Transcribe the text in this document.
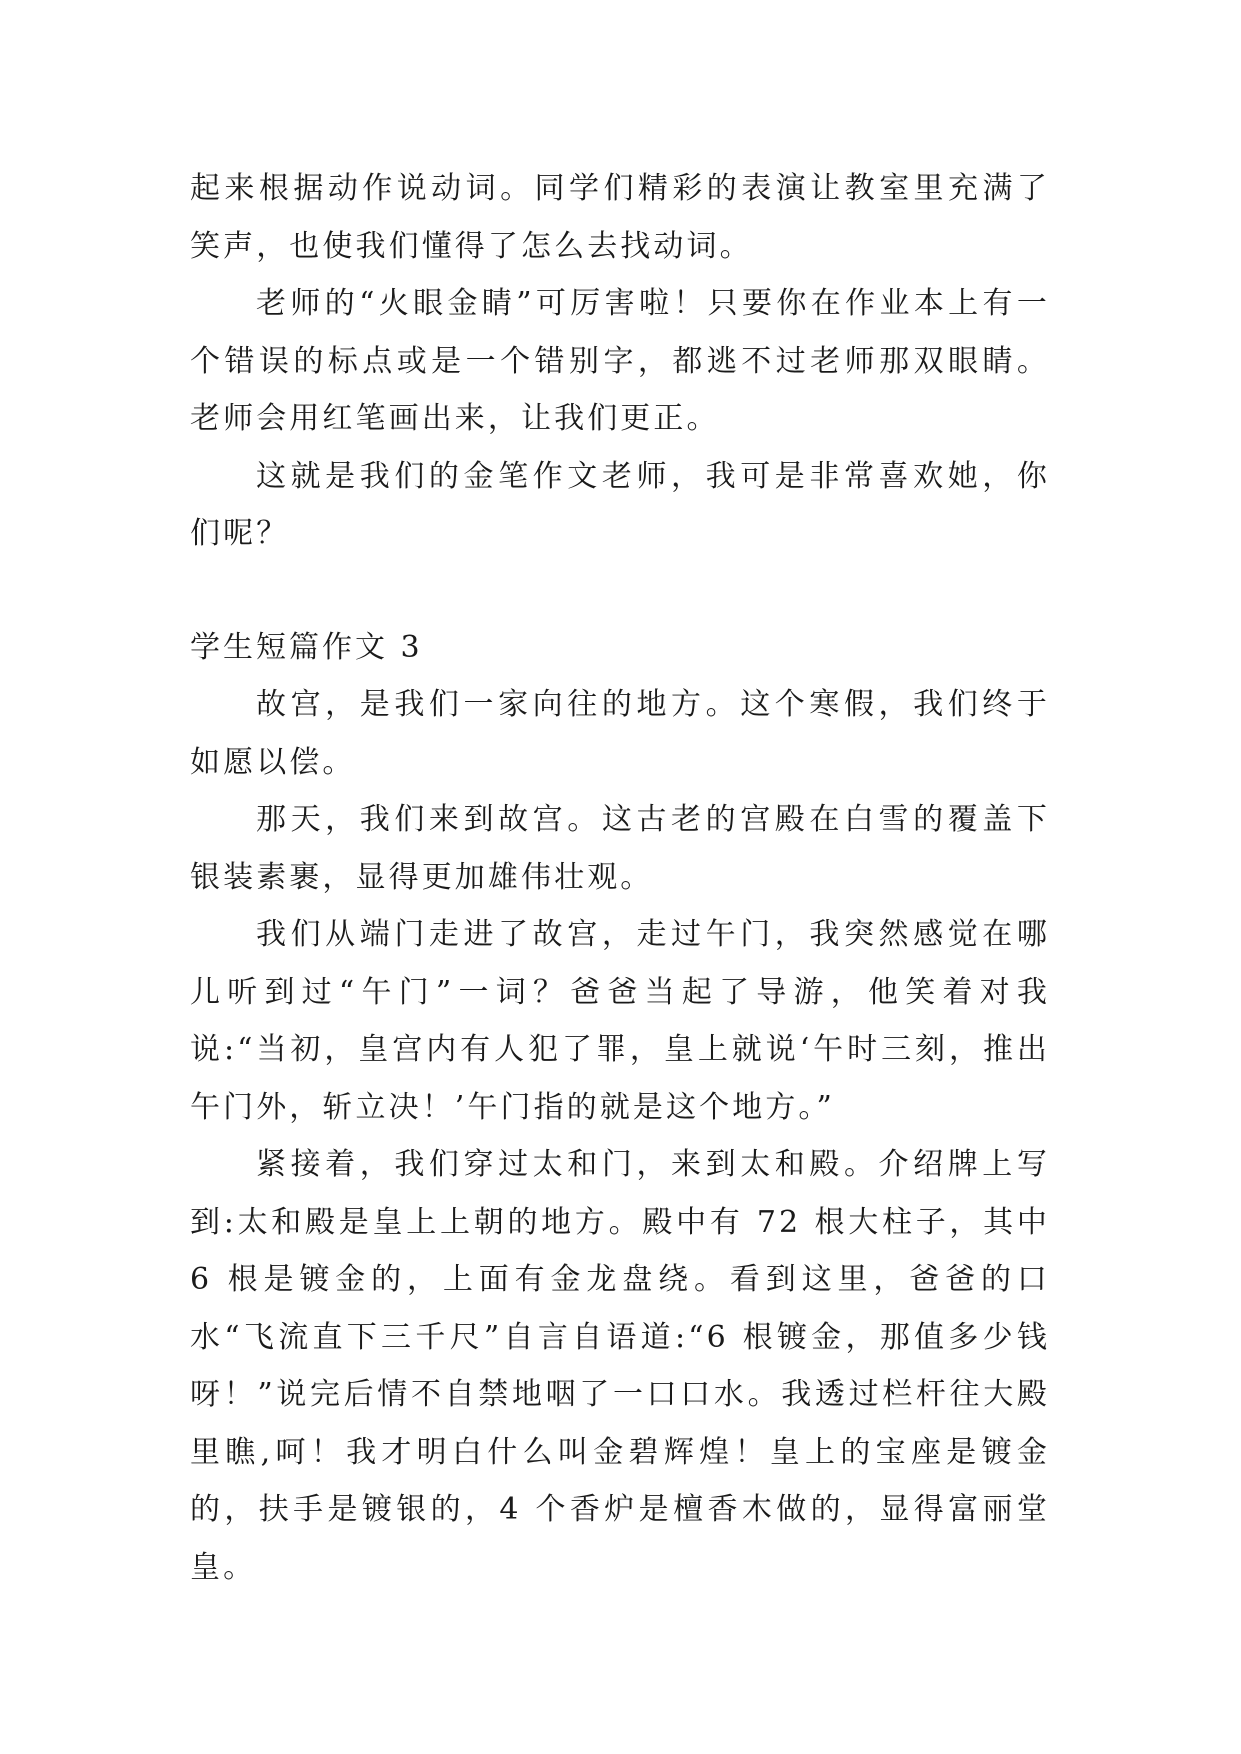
起来根据动作说动词。同学们精彩的表演让教室里充满了笑声，也使我们懂得了怎么去找动词。

老师的“火眼金睛”可厉害啦！只要你在作业本上有一个错误的标点或是一个错别字，都逃不过老师那双眼睛。老师会用红笔画出来，让我们更正。

这就是我们的金笔作文老师，我可是非常喜欢她，你们呢？

学生短篇作文 3

故宫，是我们一家向往的地方。这个寒假，我们终于如愿以偿。

那天，我们来到故宫。这古老的宫殿在白雪的覆盖下银装素裹，显得更加雄伟壮观。

我们从端门走进了故宫，走过午门，我突然感觉在哪儿听到过“午门”一词？爸爸当起了导游，他笑着对我说:“当初，皇宫内有人犯了罪，皇上就说‘午时三刻，推出午门外，斩立决！’午门指的就是这个地方。”

紧接着，我们穿过太和门，来到太和殿。介绍牌上写到:太和殿是皇上上朝的地方。殿中有 72 根大柱子，其中 6 根是镀金的，上面有金龙盘绕。看到这里，爸爸的口水“飞流直下三千尺”自言自语道:“6 根镀金，那值多少钱呀！”说完后情不自禁地咽了一口口水。我透过栏杆往大殿里瞧,呵！我才明白什么叫金碧辉煌！皇上的宝座是镀金的，扶手是镀银的，4 个香炉是檀香木做的，显得富丽堂皇。
